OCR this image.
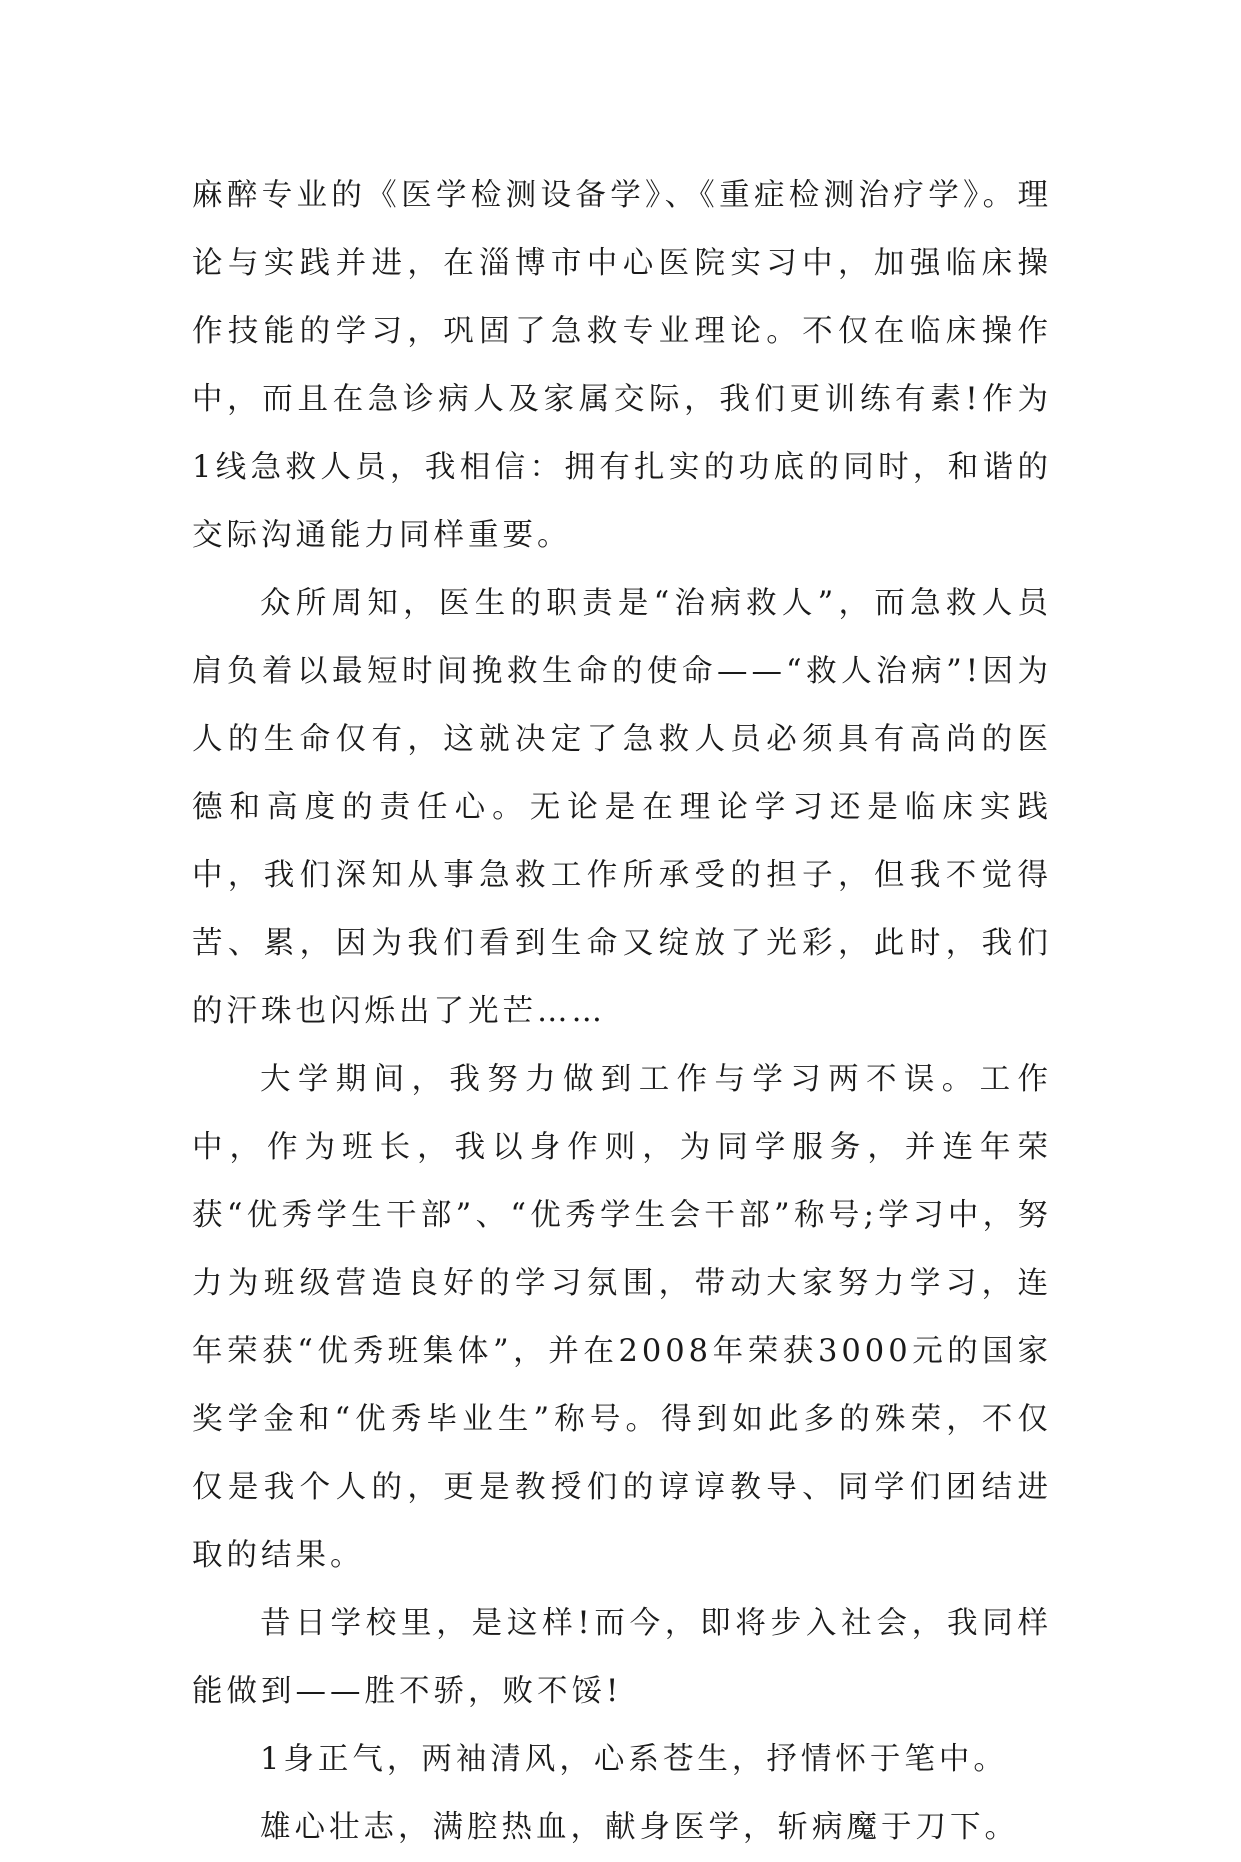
麻醉专业的《医学检测设备学》、《重症检测治疗学》。理论与实践并进，在淄博市中心医院实习中，加强临床操作技能的学习，巩固了急救专业理论。不仅在临床操作中，而且在急诊病人及家属交际，我们更训练有素!作为1线急救人员，我相信：拥有扎实的功底的同时，和谐的交际沟通能力同样重要。

众所周知，医生的职责是“治病救人”，而急救人员肩负着以最短时间挽救生命的使命——“救人治病”!因为人的生命仅有，这就决定了急救人员必须具有高尚的医德和高度的责任心。无论是在理论学习还是临床实践中，我们深知从事急救工作所承受的担子，但我不觉得苦、累，因为我们看到生命又绽放了光彩，此时，我们的汗珠也闪烁出了光芒……

大学期间，我努力做到工作与学习两不误。工作中，作为班长，我以身作则，为同学服务，并连年荣获“优秀学生干部”、“优秀学生会干部”称号;学习中，努力为班级营造良好的学习氛围，带动大家努力学习，连年荣获“优秀班集体”，并在2008年荣获3000元的国家奖学金和“优秀毕业生”称号。得到如此多的殊荣，不仅仅是我个人的，更是教授们的谆谆教导、同学们团结进取的结果。

昔日学校里，是这样!而今，即将步入社会，我同样能做到——胜不骄，败不馁!

1身正气，两袖清风，心系苍生，抒情怀于笔中。

雄心壮志，满腔热血，献身医学，斩病魔于刀下。
